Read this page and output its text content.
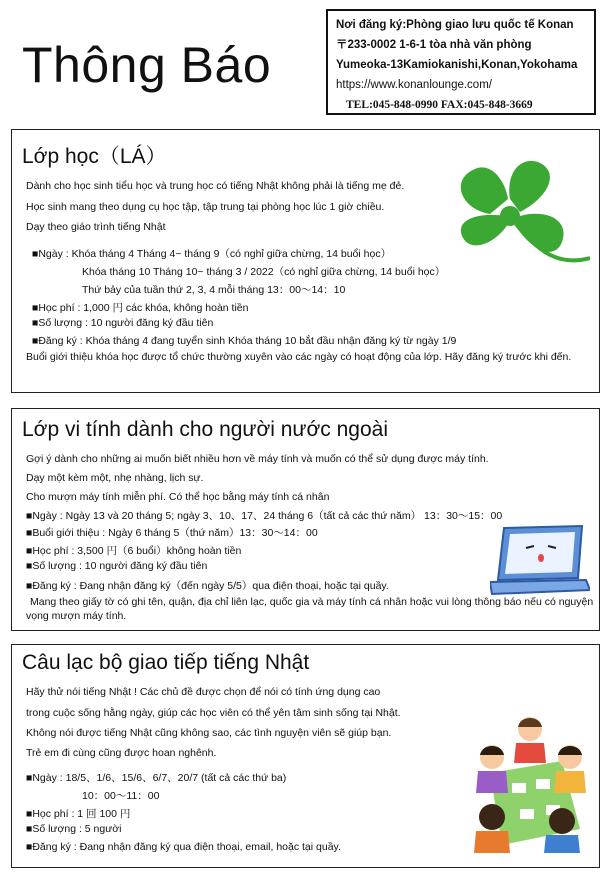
Thông Báo
Nơi đăng ký:Phòng giao lưu quốc tế Konan
〒233-0002 1-6-1 tòa nhà văn phòng
Yumeoka-13Kamiokanishi,Konan,Yokohama
https://www.konanlounge.com/
TEL:045-848-0990 FAX:045-848-3669
Lớp học（LÁ）
Dành cho học sinh tiểu học và trung học có tiếng Nhật không phải là tiếng mẹ đẻ.
Học sinh mang theo dụng cụ học tập, tập trung tại phòng học lúc 1 giờ chiều.
Dạy theo giáo trình tiếng Nhật
■Ngày : Khóa tháng 4 Tháng 4~ tháng 9（có nghỉ giữa chừng, 14 buổi học）
Khóa tháng 10 Tháng 10~ tháng 3 / 2022（có nghỉ giữa chừng, 14 buổi học）
Thứ bảy của tuần thứ 2, 3, 4 mỗi tháng 13：00〜14：10
■Học phí : 1,000 円 các khóa, không hoàn tiền
■Số lượng : 10 người đăng ký đầu tiên
■Đăng ký : Khóa tháng 4 đang tuyển sinh Khóa tháng 10 bắt đầu nhận đăng ký từ ngày 1/9
Buổi giới thiệu khóa học được tổ chức thường xuyên vào các ngày có hoạt động của lớp. Hãy đăng ký trước khi đến.
Lớp vi tính dành cho người nước ngoài
Gợi ý dành cho những ai muốn biết nhiều hơn về máy tính và muốn có thể sử dụng được máy tính.
Dạy một kèm một, nhẹ nhàng, lịch sự.
Cho mượn máy tính miễn phí. Có thể học bằng máy tính cá nhân
■Ngày : Ngày 13 và 20 tháng 5; ngày 3、10、17、24 tháng 6（tất cả các thứ năm） 13：30〜15：00
■Buổi giới thiệu : Ngày 6 tháng 5（thứ năm）13：30〜14：00
■Học phí : 3,500 円（6 buổi）không hoàn tiền
■Số lượng : 10 người đăng ký đầu tiên
■Đăng ký : Đang nhận đăng ký（đến ngày 5/5）qua điện thoại, hoặc tại quầy.
Mang theo giấy tờ có ghi tên, quận, địa chỉ liên lạc, quốc gia và máy tính cá nhân hoặc vui lòng thông báo nếu có nguyện vọng mượn máy tính.
Câu lạc bộ giao tiếp tiếng Nhật
Hãy thử nói tiếng Nhật ! Các chủ đề được chọn để nói có tính ứng dụng cao
trong cuộc sống hằng ngày, giúp các học viên có thể yên tâm sinh sống tại Nhật.
Không nói được tiếng Nhật cũng không sao, các tình nguyện viên sẽ giúp bạn.
Trẻ em đi cùng cũng được hoan nghênh.
■Ngày : 18/5、1/6、15/6、6/7、20/7 (tất cả các thứ ba)
10：00〜11：00
■Học phí : 1 回 100 円
■Số lượng : 5 người
■Đăng ký : Đang nhận đăng ký qua điện thoại, email, hoặc tại quầy.
